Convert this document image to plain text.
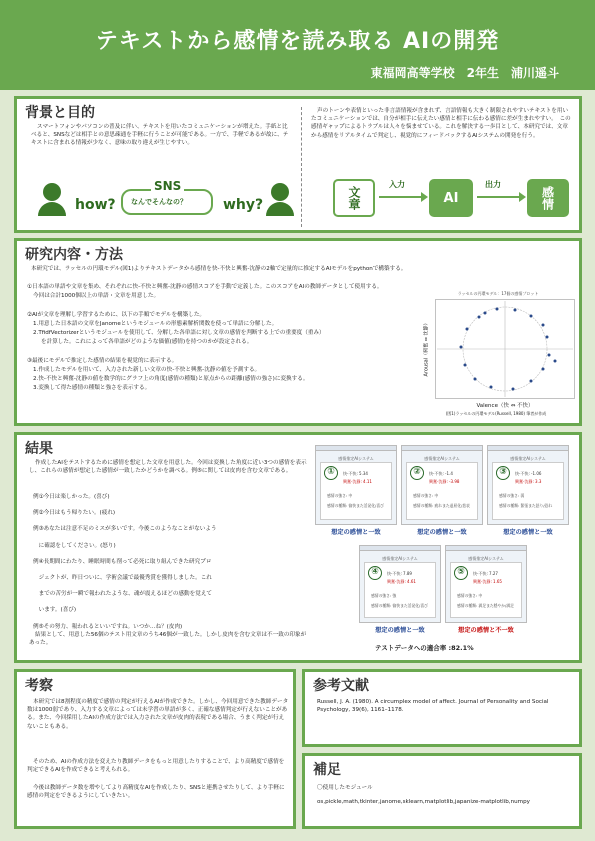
テキストから感情を読み取る AIの開発
東福岡高等学校　2年生　浦川遥斗
背景と目的
スマートフォンやパソコンの普及に伴い、テキストを用いたコミュニケーションが増えた。手紙と比べると、SNSなどは相手との意思疎通を手軽に行うことが可能である。一方で、手軽であるが故に、テキストに含まれる情報が少なく、意味の取り違えが生じやすい。
声のトーンや表情といった非言語情報が含まれず、言語情報も大きく制限されやすいテキストを用いたコミュニケーションでは、自分が相手に伝えたい感情と相手に伝わる感情に差が生まれやすい。　この感情ギャップによるトラブルは人々を悩ませている。これを解決する一歩目として、本研究では、文章から感情をリアルタイムで判定し、視覚的にフィードバックするAIシステムの開発を行う。
how?
SNS
なんでそんなの？	why?	文章
入力
AI
出力
感情
研究内容・方法
本研究では、ラッセルの円環モデル(図1)よりテキストデータから感情を快-不快と興奮-沈静の2軸で定量的に推定するAIモデルをpythonで構築する。
①日本語の単語や文章を集め、それぞれに快-不快と興奮-沈静の感情スコアを手動で定義した。このスコアをAIの教師データとして使用する。
今回は合計1000個以上の単語・文章を用意した。
②AIが文章を理解し学習するために、以下の手順でモデルを構築した。
1.用意した日本語の文章をJanomeというモジュールの形態素解析関数を使って単語に分解した。
2.TfidfVectorizerというモジュールを使用して、分解した各単語に対し文章の感情を判断する上での重要度（重み）
を計算した。これによって各単語がどのような価値(感情)を持つのかが設定される。
③最後にモデルで推定した感情の結果を視覚的に表示する。
1.作成したモデルを用いて、入力された新しい文章の快-不快と興奮-沈静の値を予測する。
2.快-不快と興奮-沈静の値を数学的にグラフ上の角度(感情の種類)と原点からの距離(感情の強さ)に変換する。
3.変換して得た感情の種類と強さを表示する。
ラッセルの円環モデル：17個の感情プロット
Arousal（興奮 ⇔ 沈静）
Valence（快 ⇔ 不快）
(図1)ラッセルの円環モデル(Russell, 1980) 筆者が作成
結果
作成したAIをテストするために感情を想定した文章を用意した。今回は変換した角度に近い3つの感情を表示し、これらの感情が想定した感情が一致したかどうかを調べる。例⑤に関しては皮肉を含む文章である。
例①今日は楽しかった。(喜び)
例②今日はもう帰りたい。(疲れ)
例③あなたは注意不足のミスが多いです。今後このようなことがないよう
　に確認をしてください。(怒り)
例④長期間にわたり、睡眠時間も削って必死に取り組んできた研究プロ
　ジェクトが、昨日ついに、学術会議で最優秀賞を獲得しました。これ
　までの苦労が一瞬で報われたような、魂が震えるほどの感動を覚えて
　います。(喜び)
例⑤その努力、報われるといいですね。いつか…ね？(皮肉)
結果として、用意した56個のテスト用文章のうち46個が一致した。しかし皮肉を含む文章は不一致の印象があった。
感情推定AIシステム
①	快-不快: 5.34
興奮-沈静: 4.11
感情の強さ: 中
感情の種類: 愉快また活発化/喜び
想定の感情と一致
感情推定AIシステム
②	快-不快: -1.4
興奮-沈静: -3.98
感情の強さ: 中
感情の種類: 疲れまた退屈化/悲哀
想定の感情と一致
感情推定AIシステム
③	快-不快: -1.06
興奮-沈静: 3.3
感情の強さ: 弱
感情の種類: 緊張また怒り/恐れ
想定の感情と一致
感情推定AIシステム
④	快-不快: 7.89
興奮-沈静: 4.61
感情の強さ: 強
感情の種類: 愉快また活発化/喜び
想定の感情と一致
感情推定AIシステム
⑤	快-不快: 7.27
興奮-沈静: 1.65
感情の強さ: 中
感情の種類: 満足また穏やか/満足
想定の感情と不一致
テストデータへの適合率 :82.1%
考察
本研究では8割程度の精度で感情の判定が行えるAIが作成できた。しかし、今回用意できた教師データ数は1000弱であり、入力する文章によっては未学習の単語が多く、正確な感情判定が行えないことがある。また、今回採用したAIの作成方法では入力された文章が皮肉的表現である場合、うまく判定が行えないこともある。
そのため、AIの作成方法を変えたり教師データをもっと用意したりすることで、より高精度で感情を判定できるAIを作成できると考えられる。
今後は教師データ数を増やしてより高精度なAIを作成したり、SNSと連携させたりして、より手軽に感情の判定をできるようにしていきたい。
参考文献
Russell, J. A. (1980). A circumplex model of affect. Journal of Personality and Social Psychology, 39(6), 1161–1178.
補足
〇使用したモジュール
os,pickle,math,tkinter,janome,sklearn,matplotlib,japanize-matplotlib,numpy
